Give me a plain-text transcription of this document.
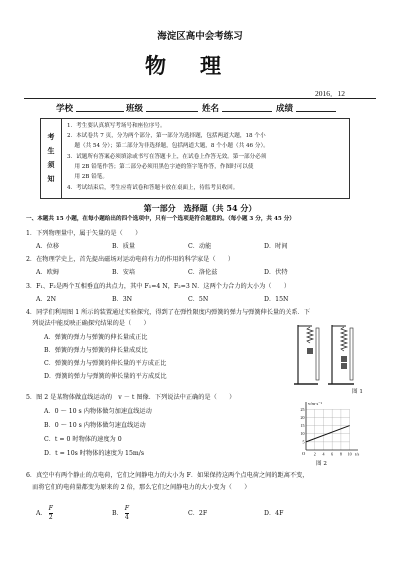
海淀区高中会考练习
物理
2016．12
学校	班级	姓名	成绩
考
生
须
知
1．考生要认真填写考场号和座位序号。
2．本试卷共 7 页，分为两个部分，第一部分为选择题，包括两道大题，18 个小
　 题（共 54 分）；第二部分为非选择题，包括两道大题，8 个小题（共 46 分）。
3．试题所有答案必须填涂或书写在答题卡上，在试卷上作答无效。第一部分必须
　 用 2B 铅笔作答；第二部分必须用黑色字迹的签字笔作答，作图时可以使
　 用 2B 铅笔。
4．考试结束后，考生应将试卷和答题卡放在桌面上，待监考员收回。
第一部分　选择题（共 54 分）
一、本题共 15 小题，在每小题给出的四个选项中，只有一个选项是符合题意的。（每小题 3 分，共 45 分）
1．下列物理量中，属于矢量的是（　　）
A．位移	B．质量	C．动能	D．时间
2．在物理学史上，首先提出磁场对运动电荷有力的作用的科学家是（　　）
A．欧姆	B．安培	C．洛伦兹	D．伏特
3．F₁、F₂是两个互相垂直的共点力，其中 F₁=4 N，F₂=3 N．这两个力合力的大小为（　　）
A．2N	B．3N	C．5N	D．15N
4．同学们利用图 1 所示的装置通过实验探究，得到了在弹性限度内弹簧的弹力与弹簧伸长量的关系．下
　列说法中能反映正确探究结果的是（　　）
A．弹簧的弹力与弹簧的伸长量成正比
B．弹簧的弹力与弹簧的伸长量成反比
C．弹簧的弹力与弹簧的伸长量的平方成正比
D．弹簧的弹力与弹簧的伸长量的平方成反比
图 1
5．图 2 是某物体做直线运动的　v － t 图像．下列说法中正确的是（　　）
A．0 ～ 10 s 内物体做匀加速直线运动
B．0 ～ 10 s 内物体做匀速直线运动
C．t = 0 时物体的速度为 0
D．t = 10s 时物体的速度为 15m/s
25
20
15
10
5
2 4 6 8 10
v/m·s⁻¹
t/s
O
图 2
6．真空中有两个静止的点电荷，它们之间静电力的大小为 F．如果保持这两个点电荷之间的距离不变，
　而将它们的电荷量都变为原来的 2 倍，那么它们之间静电力的大小变为（　　）
A． $\frac{F}{2}$	B． $\frac{F}{4}$	C．2F	D．4F
